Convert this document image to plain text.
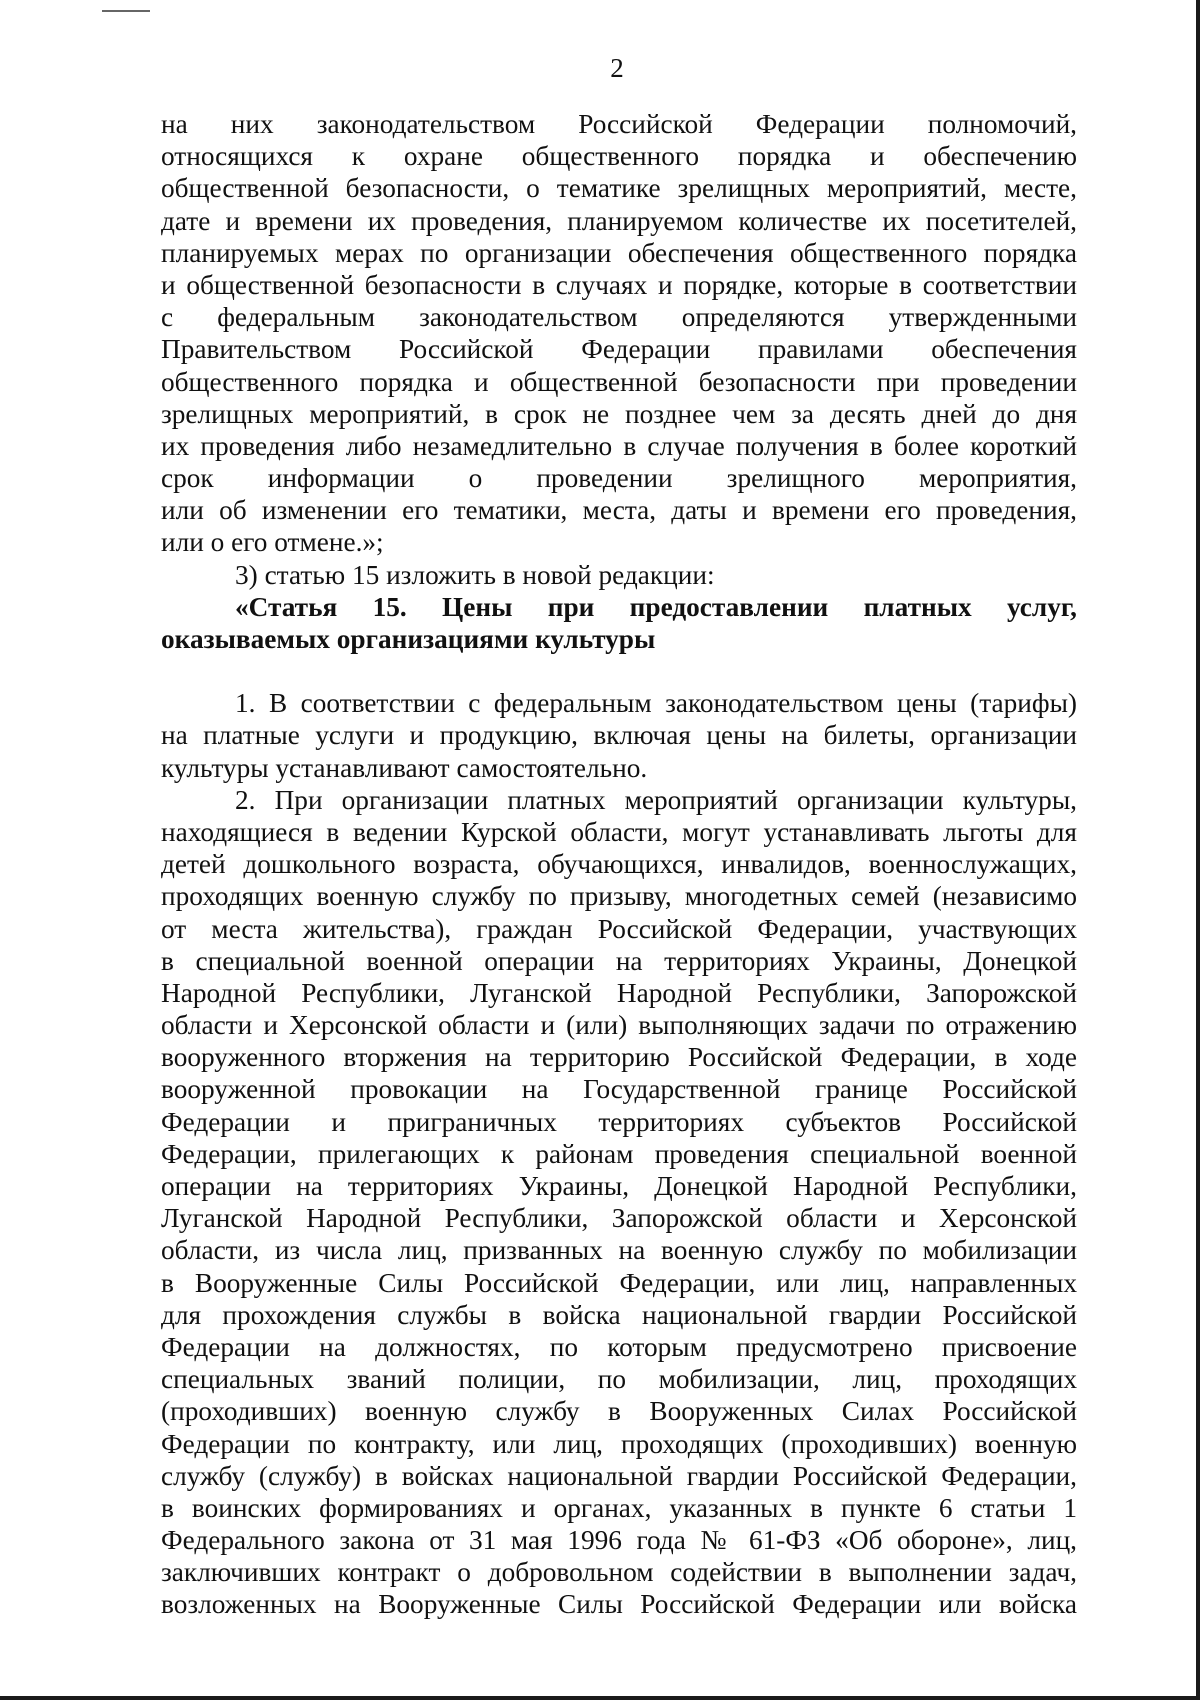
2
на них законодательством Российской Федерации полномочий,
относящихся к охране общественного порядка и обеспечению
общественной безопасности, о тематике зрелищных мероприятий, месте,
дате и времени их проведения, планируемом количестве их посетителей,
планируемых мерах по организации обеспечения общественного порядка
и общественной безопасности в случаях и порядке, которые в соответствии
с федеральным законодательством определяются утвержденными
Правительством Российской Федерации правилами обеспечения
общественного порядка и общественной безопасности при проведении
зрелищных мероприятий, в срок не позднее чем за десять дней до дня
их проведения либо незамедлительно в случае получения в более короткий
срок информации о проведении зрелищного мероприятия,
или об изменении его тематики, места, даты и времени его проведения,
или о его отмене.»;
3) статью 15 изложить в новой редакции:
«Статья 15. Цены при предоставлении платных услуг,
оказываемых организациями культуры
1. В соответствии с федеральным законодательством цены (тарифы)
на платные услуги и продукцию, включая цены на билеты, организации
культуры устанавливают самостоятельно.
2. При организации платных мероприятий организации культуры,
находящиеся в ведении Курской области, могут устанавливать льготы для
детей дошкольного возраста, обучающихся, инвалидов, военнослужащих,
проходящих военную службу по призыву, многодетных семей (независимо
от места жительства), граждан Российской Федерации, участвующих
в специальной военной операции на территориях Украины, Донецкой
Народной Республики, Луганской Народной Республики, Запорожской
области и Херсонской области и (или) выполняющих задачи по отражению
вооруженного вторжения на территорию Российской Федерации, в ходе
вооруженной провокации на Государственной границе Российской
Федерации и приграничных территориях субъектов Российской
Федерации, прилегающих к районам проведения специальной военной
операции на территориях Украины, Донецкой Народной Республики,
Луганской Народной Республики, Запорожской области и Херсонской
области, из числа лиц, призванных на военную службу по мобилизации
в Вооруженные Силы Российской Федерации, или лиц, направленных
для прохождения службы в войска национальной гвардии Российской
Федерации на должностях, по которым предусмотрено присвоение
специальных званий полиции, по мобилизации, лиц, проходящих
(проходивших) военную службу в Вооруженных Силах Российской
Федерации по контракту, или лиц, проходящих (проходивших) военную
службу (службу) в войсках национальной гвардии Российской Федерации,
в воинских формированиях и органах, указанных в пункте 6 статьи 1
Федерального закона от 31 мая 1996 года № 61-ФЗ «Об обороне», лиц,
заключивших контракт о добровольном содействии в выполнении задач,
возложенных на Вооруженные Силы Российской Федерации или войска
